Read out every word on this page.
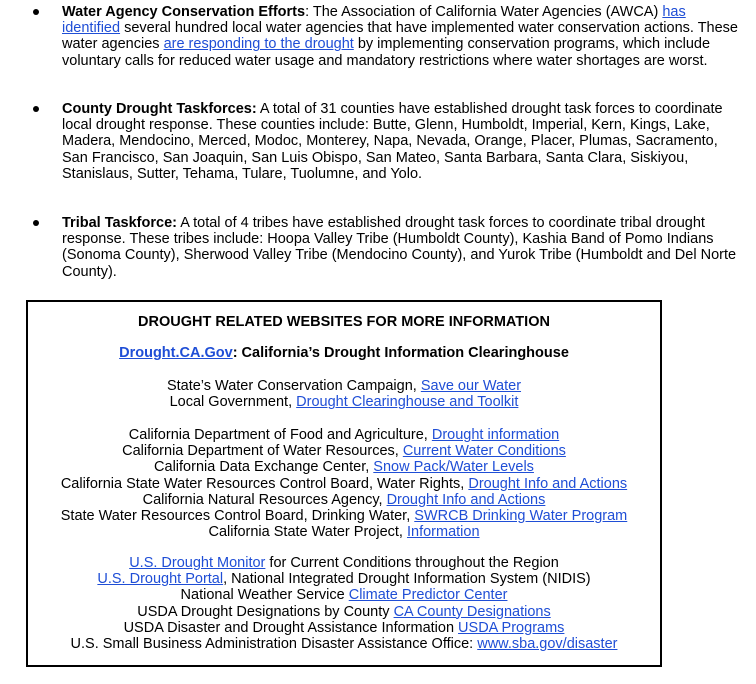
Water Agency Conservation Efforts: The Association of California Water Agencies (AWCA) has identified several hundred local water agencies that have implemented water conservation actions. These water agencies are responding to the drought by implementing conservation programs, which include voluntary calls for reduced water usage and mandatory restrictions where water shortages are worst.
County Drought Taskforces: A total of 31 counties have established drought task forces to coordinate local drought response. These counties include: Butte, Glenn, Humboldt, Imperial, Kern, Kings, Lake, Madera, Mendocino, Merced, Modoc, Monterey, Napa, Nevada, Orange, Placer, Plumas, Sacramento, San Francisco, San Joaquin, San Luis Obispo, San Mateo, Santa Barbara, Santa Clara, Siskiyou, Stanislaus, Sutter, Tehama, Tulare, Tuolumne, and Yolo.
Tribal Taskforce: A total of 4 tribes have established drought task forces to coordinate tribal drought response. These tribes include: Hoopa Valley Tribe (Humboldt County), Kashia Band of Pomo Indians (Sonoma County), Sherwood Valley Tribe (Mendocino County), and Yurok Tribe (Humboldt and Del Norte County).
DROUGHT RELATED WEBSITES FOR MORE INFORMATION
Drought.CA.Gov: California’s Drought Information Clearinghouse
State’s Water Conservation Campaign, Save our Water
Local Government, Drought Clearinghouse and Toolkit
California Department of Food and Agriculture, Drought information
California Department of Water Resources, Current Water Conditions
California Data Exchange Center, Snow Pack/Water Levels
California State Water Resources Control Board, Water Rights, Drought Info and Actions
California Natural Resources Agency, Drought Info and Actions
State Water Resources Control Board, Drinking Water, SWRCB Drinking Water Program
California State Water Project, Information
U.S. Drought Monitor for Current Conditions throughout the Region
U.S. Drought Portal, National Integrated Drought Information System (NIDIS)
National Weather Service Climate Predictor Center
USDA Drought Designations by County CA County Designations
USDA Disaster and Drought Assistance Information USDA Programs
U.S. Small Business Administration Disaster Assistance Office: www.sba.gov/disaster
